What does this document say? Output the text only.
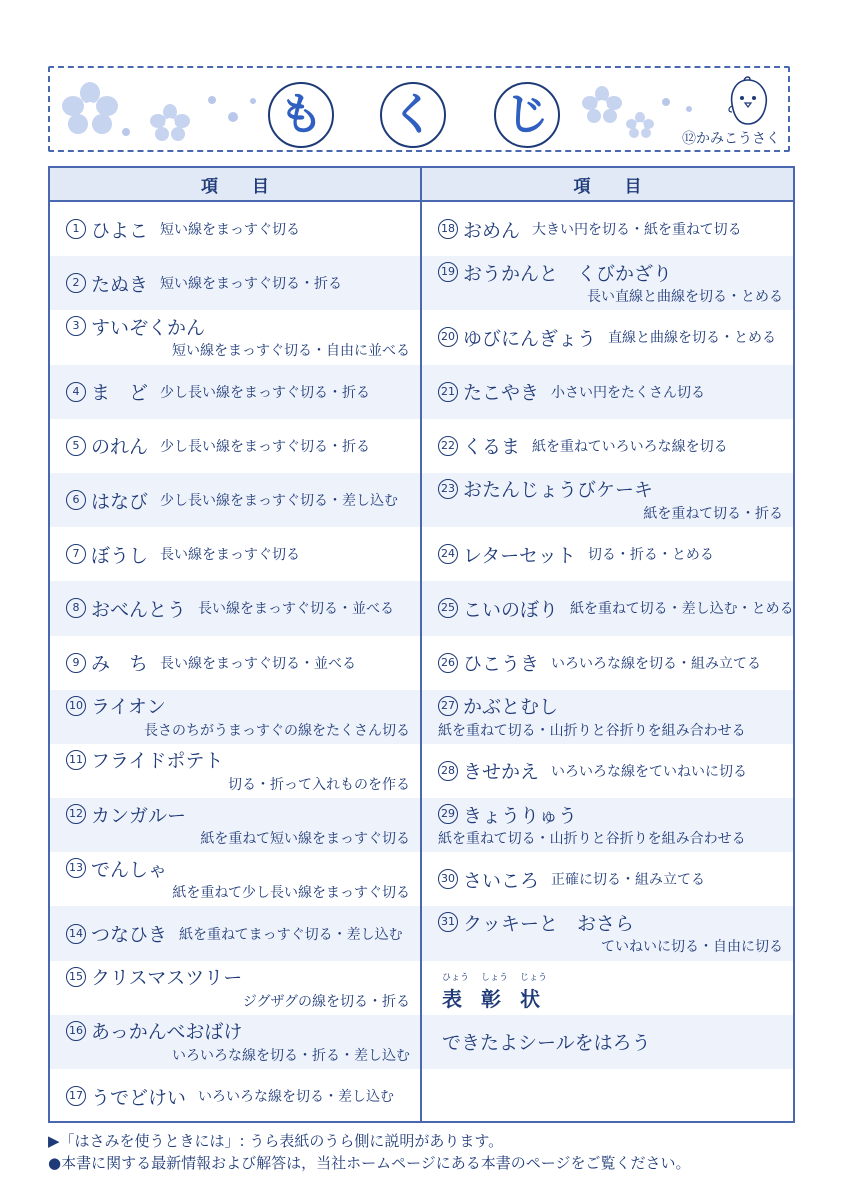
も く じ	⑫かみこうさく
項目
1 ひよこ 短い線をまっすぐ切る
2 たぬき 短い線をまっすぐ切る・折る
3 すいぞくかん
短い線をまっすぐ切る・自由に並べる
4 ま　ど 少し長い線をまっすぐ切る・折る
5 のれん 少し長い線をまっすぐ切る・折る
6 はなび 少し長い線をまっすぐ切る・差し込む
7 ぼうし 長い線をまっすぐ切る
8 おべんとう 長い線をまっすぐ切る・並べる
9 み　ち 長い線をまっすぐ切る・並べる
10 ライオン
長さのちがうまっすぐの線をたくさん切る
11 フライドポテト
切る・折って入れものを作る
12 カンガルー
紙を重ねて短い線をまっすぐ切る
13 でんしゃ
紙を重ねて少し長い線をまっすぐ切る
14 つなひき 紙を重ねてまっすぐ切る・差し込む
15 クリスマスツリー
ジグザグの線を切る・折る
16 あっかんべおばけ
いろいろな線を切る・折る・差し込む
17 うでどけい いろいろな線を切る・差し込む
項目
18 おめん 大きい円を切る・紙を重ねて切る
19 おうかんと　くびかざり
長い直線と曲線を切る・とめる
20 ゆびにんぎょう 直線と曲線を切る・とめる
21 たこやき 小さい円をたくさん切る
22 くるま 紙を重ねていろいろな線を切る
23 おたんじょうびケーキ
紙を重ねて切る・折る
24 レターセット 切る・折る・とめる
25 こいのぼり 紙を重ねて切る・差し込む・とめる
26 ひこうき いろいろな線を切る・組み立てる
27 かぶとむし
紙を重ねて切る・山折りと谷折りを組み合わせる
28 きせかえ いろいろな線をていねいに切る
29 きょうりゅう
紙を重ねて切る・山折りと谷折りを組み合わせる
30 さいころ 正確に切る・組み立てる
31 クッキーと　おさら
ていねいに切る・自由に切る
ひょう
表
しょう
彰
じょう
状
できたよシールをはろう
▶「はさみを使うときには」: うら表紙のうら側に説明があります。
●本書に関する最新情報および解答は，当社ホームページにある本書のページをご覧ください。
